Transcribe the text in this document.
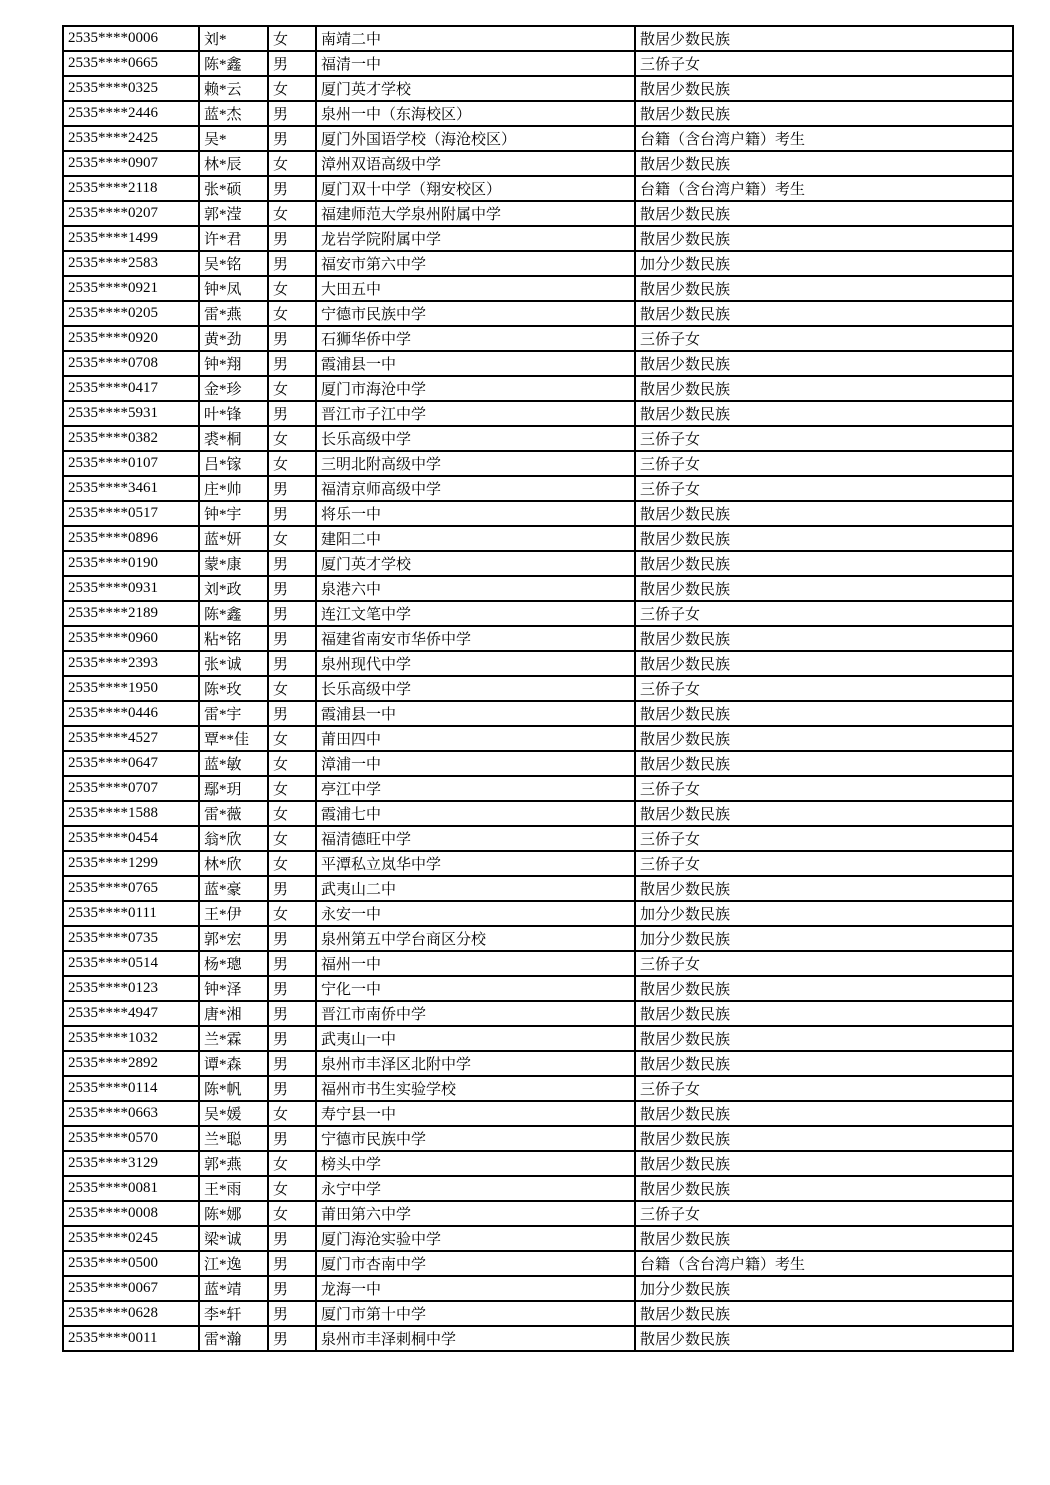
2535****0006	刘*	女	南靖二中	散居少数民族
2535****0665	陈*鑫	男	福清一中	三侨子女
2535****0325	赖*云	女	厦门英才学校	散居少数民族
2535****2446	蓝*杰	男	泉州一中（东海校区）	散居少数民族
2535****2425	吴*	男	厦门外国语学校（海沧校区）	台籍（含台湾户籍）考生
2535****0907	林*辰	女	漳州双语高级中学	散居少数民族
2535****2118	张*硕	男	厦门双十中学（翔安校区）	台籍（含台湾户籍）考生
2535****0207	郭*滢	女	福建师范大学泉州附属中学	散居少数民族
2535****1499	许*君	男	龙岩学院附属中学	散居少数民族
2535****2583	吴*铭	男	福安市第六中学	加分少数民族
2535****0921	钟*凤	女	大田五中	散居少数民族
2535****0205	雷*燕	女	宁德市民族中学	散居少数民族
2535****0920	黄*劲	男	石狮华侨中学	三侨子女
2535****0708	钟*翔	男	霞浦县一中	散居少数民族
2535****0417	金*珍	女	厦门市海沧中学	散居少数民族
2535****5931	叶*锋	男	晋江市子江中学	散居少数民族
2535****0382	裘*桐	女	长乐高级中学	三侨子女
2535****0107	吕*镓	女	三明北附高级中学	三侨子女
2535****3461	庄*帅	男	福清京师高级中学	三侨子女
2535****0517	钟*宇	男	将乐一中	散居少数民族
2535****0896	蓝*妍	女	建阳二中	散居少数民族
2535****0190	蒙*康	男	厦门英才学校	散居少数民族
2535****0931	刘*政	男	泉港六中	散居少数民族
2535****2189	陈*鑫	男	连江文笔中学	三侨子女
2535****0960	粘*铭	男	福建省南安市华侨中学	散居少数民族
2535****2393	张*诚	男	泉州现代中学	散居少数民族
2535****1950	陈*玫	女	长乐高级中学	三侨子女
2535****0446	雷*宇	男	霞浦县一中	散居少数民族
2535****4527	覃**佳	女	莆田四中	散居少数民族
2535****0647	蓝*敏	女	漳浦一中	散居少数民族
2535****0707	鄢*玥	女	亭江中学	三侨子女
2535****1588	雷*薇	女	霞浦七中	散居少数民族
2535****0454	翁*欣	女	福清德旺中学	三侨子女
2535****1299	林*欣	女	平潭私立岚华中学	三侨子女
2535****0765	蓝*豪	男	武夷山二中	散居少数民族
2535****0111	王*伊	女	永安一中	加分少数民族
2535****0735	郭*宏	男	泉州第五中学台商区分校	加分少数民族
2535****0514	杨*璁	男	福州一中	三侨子女
2535****0123	钟*泽	男	宁化一中	散居少数民族
2535****4947	唐*湘	男	晋江市南侨中学	散居少数民族
2535****1032	兰*霖	男	武夷山一中	散居少数民族
2535****2892	谭*森	男	泉州市丰泽区北附中学	散居少数民族
2535****0114	陈*帆	男	福州市书生实验学校	三侨子女
2535****0663	吴*媛	女	寿宁县一中	散居少数民族
2535****0570	兰*聪	男	宁德市民族中学	散居少数民族
2535****3129	郭*燕	女	榜头中学	散居少数民族
2535****0081	王*雨	女	永宁中学	散居少数民族
2535****0008	陈*娜	女	莆田第六中学	三侨子女
2535****0245	梁*诚	男	厦门海沧实验中学	散居少数民族
2535****0500	江*逸	男	厦门市杏南中学	台籍（含台湾户籍）考生
2535****0067	蓝*靖	男	龙海一中	加分少数民族
2535****0628	李*轩	男	厦门市第十中学	散居少数民族
2535****0011	雷*瀚	男	泉州市丰泽刺桐中学	散居少数民族
